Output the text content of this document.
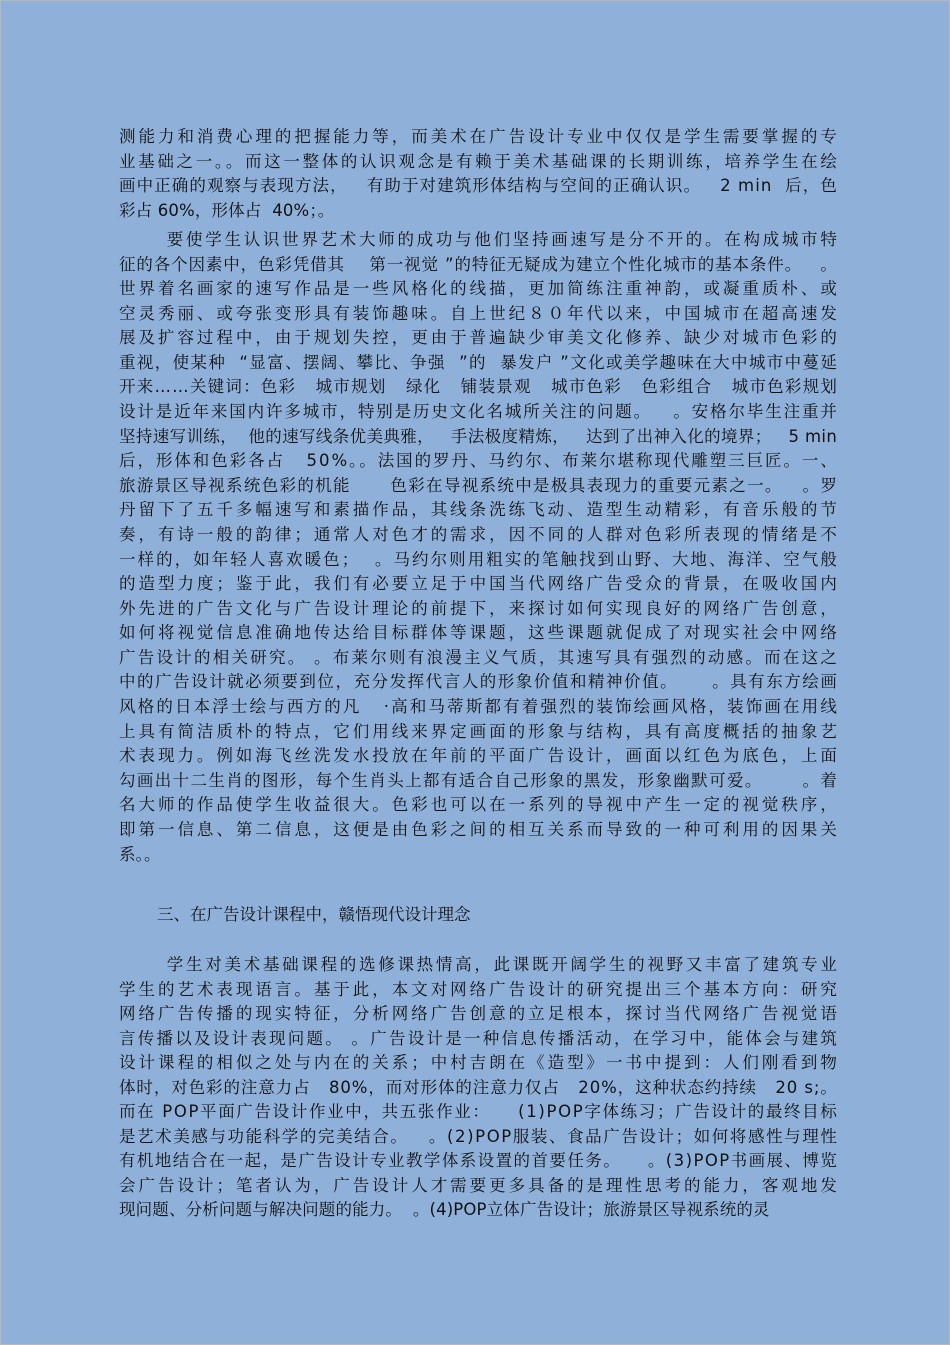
测能力和消费心理的把握能力等，而美术在广告设计专业中仅仅是学生需要掌握的专
业基础之一。。而这一整体的认识观念是有赖于美术基础课的长期训练，培养学生在绘
画中正确的观察与表现方法，   有助于对建筑形体结构与空间的正确认识。   2 min  后，色
彩占 60%，形体占  40%；。
要使学生认识世界艺术大师的成功与他们坚持画速写是分不开的。在构成城市特
征的各个因素中，色彩凭借其    第一视觉 ”的特征无疑成为建立个性化城市的基本条件。   。
世界着名画家的速写作品是一些风格化的线描，更加简练注重神韵，或凝重质朴、或
空灵秀丽、或夸张变形具有装饰趣味。自上世纪８０年代以来，中国城市在超高速发
展及扩容过程中，由于规划失控，更由于普遍缺少审美文化修养、缺少对城市色彩的
重视，使某种  “显富、摆阔、攀比、争强  ”的  暴发户 ”文化或美学趣味在大中城市中蔓延
开来……关键词：色彩   城市规划   绿化   铺装景观   城市色彩   色彩组合   城市色彩规划
设计是近年来国内许多城市，特别是历史文化名城所关注的问题。   。安格尔毕生注重并
坚持速写训练，  他的速写线条优美典雅，   手法极度精炼，   达到了出神入化的境界；   5 min
后，形体和色彩各占   50%。。法国的罗丹、马约尔、布莱尔堪称现代雕塑三巨匠。一、
旅游景区导视系统色彩的机能      色彩在导视系统中是极具表现力的重要元素之一。   。罗
丹留下了五千多幅速写和素描作品，其线条洗练飞动、造型生动精彩，有音乐般的节
奏，有诗一般的韵律；通常人对色才的需求，因不同的人群对色彩所表现的情绪是不
一样的，如年轻人喜欢暖色；  。马约尔则用粗实的笔触找到山野、大地、海洋、空气般
的造型力度；鉴于此，我们有必要立足于中国当代网络广告受众的背景，在吸收国内
外先进的广告文化与广告设计理论的前提下，来探讨如何实现良好的网络广告创意，
如何将视觉信息准确地传达给目标群体等课题，这些课题就促成了对现实社会中网络
广告设计的相关研究。 。布莱尔则有浪漫主义气质，其速写具有强烈的动感。而在这之
中的广告设计就必须要到位，充分发挥代言人的形象价值和精神价值。     。具有东方绘画
风格的日本浮士绘与西方的凡   ·高和马蒂斯都有着强烈的装饰绘画风格，装饰画在用线
上具有简洁质朴的特点，它们用线来界定画面的形象与结构，具有高度概括的抽象艺
术表现力。例如海飞丝洗发水投放在年前的平面广告设计，画面以红色为底色，上面
勾画出十二生肖的图形，每个生肖头上都有适合自己形象的黑发，形象幽默可爱。      。着
名大师的作品使学生收益很大。色彩也可以在一系列的导视中产生一定的视觉秩序，
即第一信息、第二信息，这便是由色彩之间的相互关系而导致的一种可利用的因果关
系。。
三、在广告设计课程中，赣悟现代设计理念
学生对美术基础课程的选修课热情高，此课既开阔学生的视野又丰富了建筑专业
学生的艺术表现语言。基于此，本文对网络广告设计的研究提出三个基本方向：研究
网络广告传播的现实特征，分析网络广告创意的立足根本，探讨当代网络广告视觉语
言传播以及设计表现问题。 。广告设计是一种信息传播活动，在学习中，能体会与建筑
设计课程的相似之处与内在的关系；中村吉朗在《造型》一书中提到：人们刚看到物
体时，对色彩的注意力占   80%，而对形体的注意力仅占   20%，这种状态约持续   20 s;。
而在 POP平面广告设计作业中，共五张作业：    (1)POP字体练习；广告设计的最终目标
是艺术美感与功能科学的完美结合。   。(2)POP服装、食品广告设计；如何将感性与理性
有机地结合在一起，是广告设计专业教学体系设置的首要任务。    。(3)POP书画展、博览
会广告设计；笔者认为，广告设计人才需要更多具备的是理性思考的能力，客观地发
现问题、分析问题与解决问题的能力。  。(4)POP立体广告设计；旅游景区导视系统的灵
